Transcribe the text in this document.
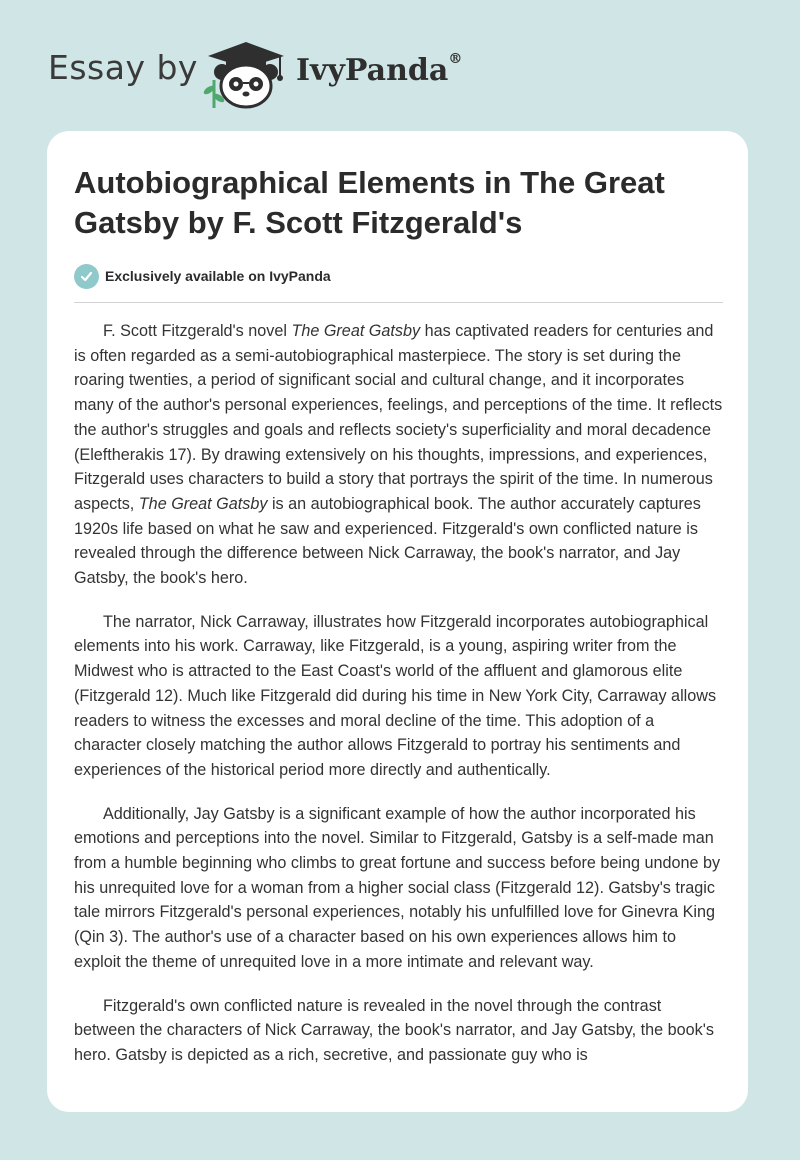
Essay by	IvyPanda®
Autobiographical Elements in The Great Gatsby by F. Scott Fitzgerald's
Exclusively available on IvyPanda

F. Scott Fitzgerald's novel The Great Gatsby has captivated readers for centuries and is often regarded as a semi-autobiographical masterpiece. The story is set during the roaring twenties, a period of significant social and cultural change, and it incorporates many of the author's personal experiences, feelings, and perceptions of the time. It reflects the author's struggles and goals and reflects society's superficiality and moral decadence (Eleftherakis 17). By drawing extensively on his thoughts, impressions, and experiences, Fitzgerald uses characters to build a story that portrays the spirit of the time. In numerous aspects, The Great Gatsby is an autobiographical book. The author accurately captures 1920s life based on what he saw and experienced. Fitzgerald's own conflicted nature is revealed through the difference between Nick Carraway, the book's narrator, and Jay Gatsby, the book's hero.

The narrator, Nick Carraway, illustrates how Fitzgerald incorporates autobiographical elements into his work. Carraway, like Fitzgerald, is a young, aspiring writer from the Midwest who is attracted to the East Coast's world of the affluent and glamorous elite (Fitzgerald 12). Much like Fitzgerald did during his time in New York City, Carraway allows readers to witness the excesses and moral decline of the time. This adoption of a character closely matching the author allows Fitzgerald to portray his sentiments and experiences of the historical period more directly and authentically.

Additionally, Jay Gatsby is a significant example of how the author incorporated his emotions and perceptions into the novel. Similar to Fitzgerald, Gatsby is a self-made man from a humble beginning who climbs to great fortune and success before being undone by his unrequited love for a woman from a higher social class (Fitzgerald 12). Gatsby's tragic tale mirrors Fitzgerald's personal experiences, notably his unfulfilled love for Ginevra King (Qin 3). The author's use of a character based on his own experiences allows him to exploit the theme of unrequited love in a more intimate and relevant way.

Fitzgerald's own conflicted nature is revealed in the novel through the contrast between the characters of Nick Carraway, the book's narrator, and Jay Gatsby, the book's hero. Gatsby is depicted as a rich, secretive, and passionate guy who is
